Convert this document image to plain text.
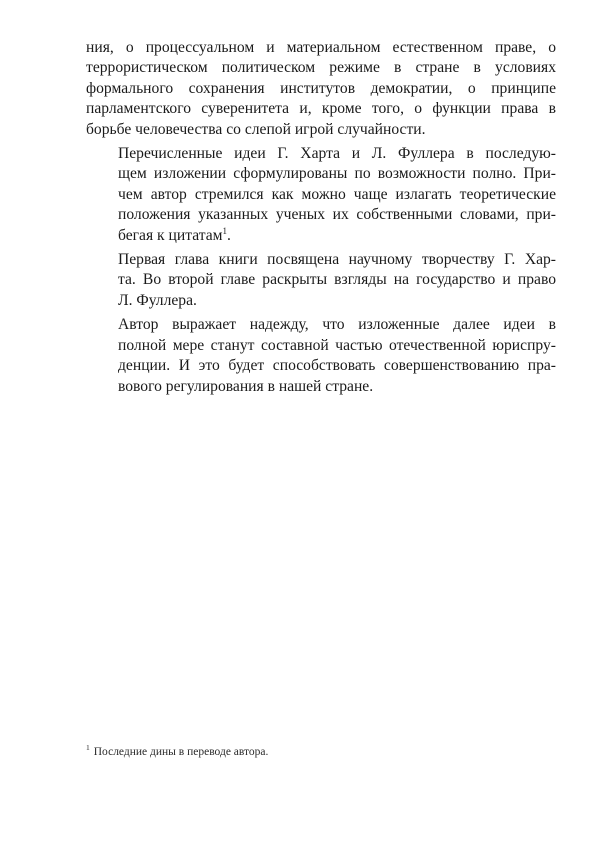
ния, о процессуальном и материальном естественном праве, о
террористическом политическом режиме в стране в условиях
формального сохранения институтов демократии, о принципе
парламентского суверенитета и, кроме того, о функции права в
борьбе человечества со слепой игрой случайности.

Перечисленные идеи Г. Харта и Л. Фуллера в последую-
щем изложении сформулированы по возможности полно. При-
чем автор стремился как можно чаще излагать теоретические
положения указанных ученых их собственными словами, при-
бегая к цитатам$^1$.

Первая глава книги посвящена научному творчеству Г. Хар-
та. Во второй главе раскрыты взгляды на государство и право
Л. Фуллера.

Автор выражает надежду, что изложенные далее идеи в
полной мере станут составной частью отечественной юриспру-
денции. И это будет способствовать совершенствованию пра-
вового регулирования в нашей стране.

$^1$ Последние дины в переводе автора.
